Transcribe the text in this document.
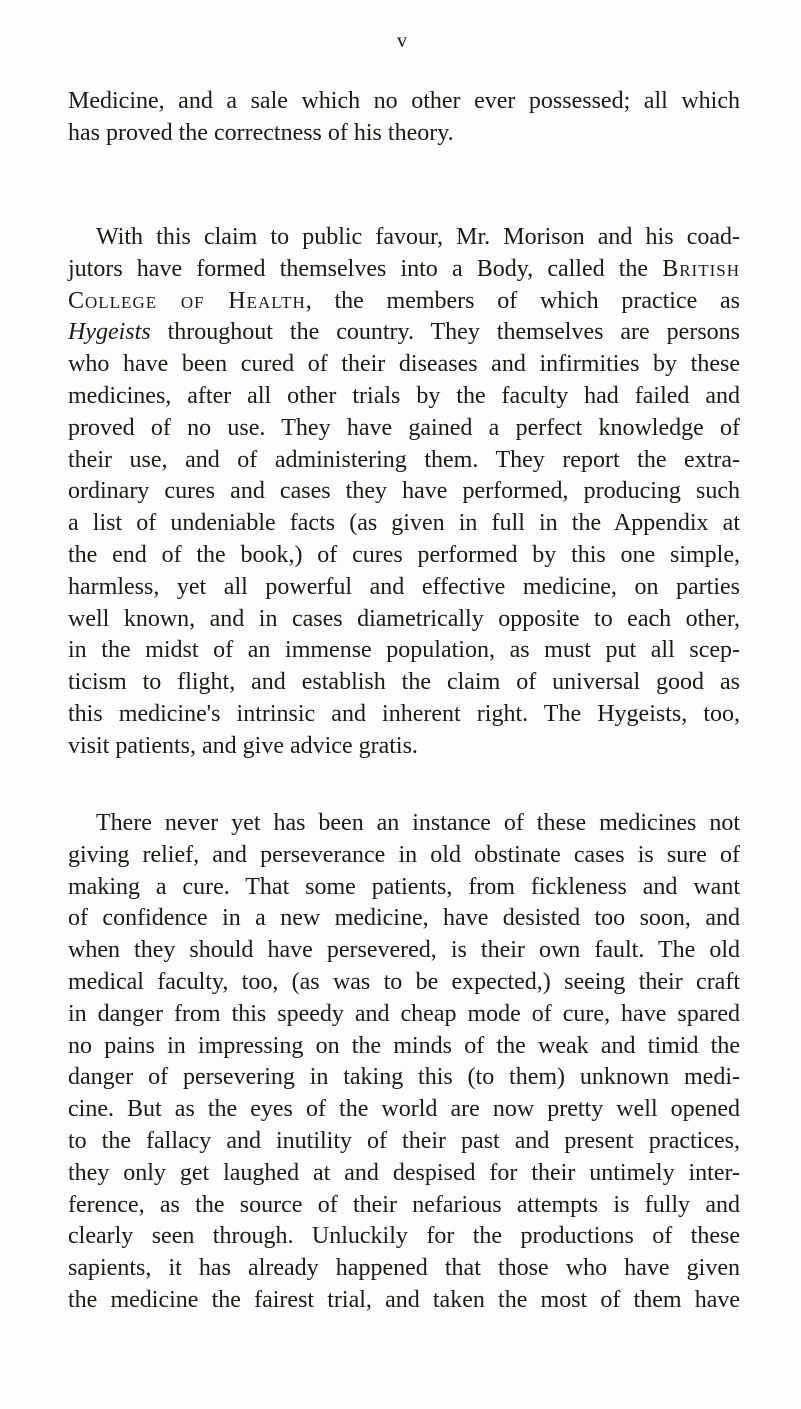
v
Medicine, and a sale which no other ever possessed; all which
has proved the correctness of his theory.
With this claim to public favour, Mr. Morison and his coad-
jutors have formed themselves into a Body, called the British
College of Health, the members of which practice as
Hygeists throughout the country. They themselves are persons
who have been cured of their diseases and infirmities by these
medicines, after all other trials by the faculty had failed and
proved of no use. They have gained a perfect knowledge of
their use, and of administering them. They report the extra-
ordinary cures and cases they have performed, producing such
a list of undeniable facts (as given in full in the Appendix at
the end of the book,) of cures performed by this one simple,
harmless, yet all powerful and effective medicine, on parties
well known, and in cases diametrically opposite to each other,
in the midst of an immense population, as must put all scep-
ticism to flight, and establish the claim of universal good as
this medicine's intrinsic and inherent right. The Hygeists, too,
visit patients, and give advice gratis.
There never yet has been an instance of these medicines not
giving relief, and perseverance in old obstinate cases is sure of
making a cure. That some patients, from fickleness and want
of confidence in a new medicine, have desisted too soon, and
when they should have persevered, is their own fault. The old
medical faculty, too, (as was to be expected,) seeing their craft
in danger from this speedy and cheap mode of cure, have spared
no pains in impressing on the minds of the weak and timid the
danger of persevering in taking this (to them) unknown medi-
cine. But as the eyes of the world are now pretty well opened
to the fallacy and inutility of their past and present practices,
they only get laughed at and despised for their untimely inter-
ference, as the source of their nefarious attempts is fully and
clearly seen through. Unluckily for the productions of these
sapients, it has already happened that those who have given
the medicine the fairest trial, and taken the most of them have
